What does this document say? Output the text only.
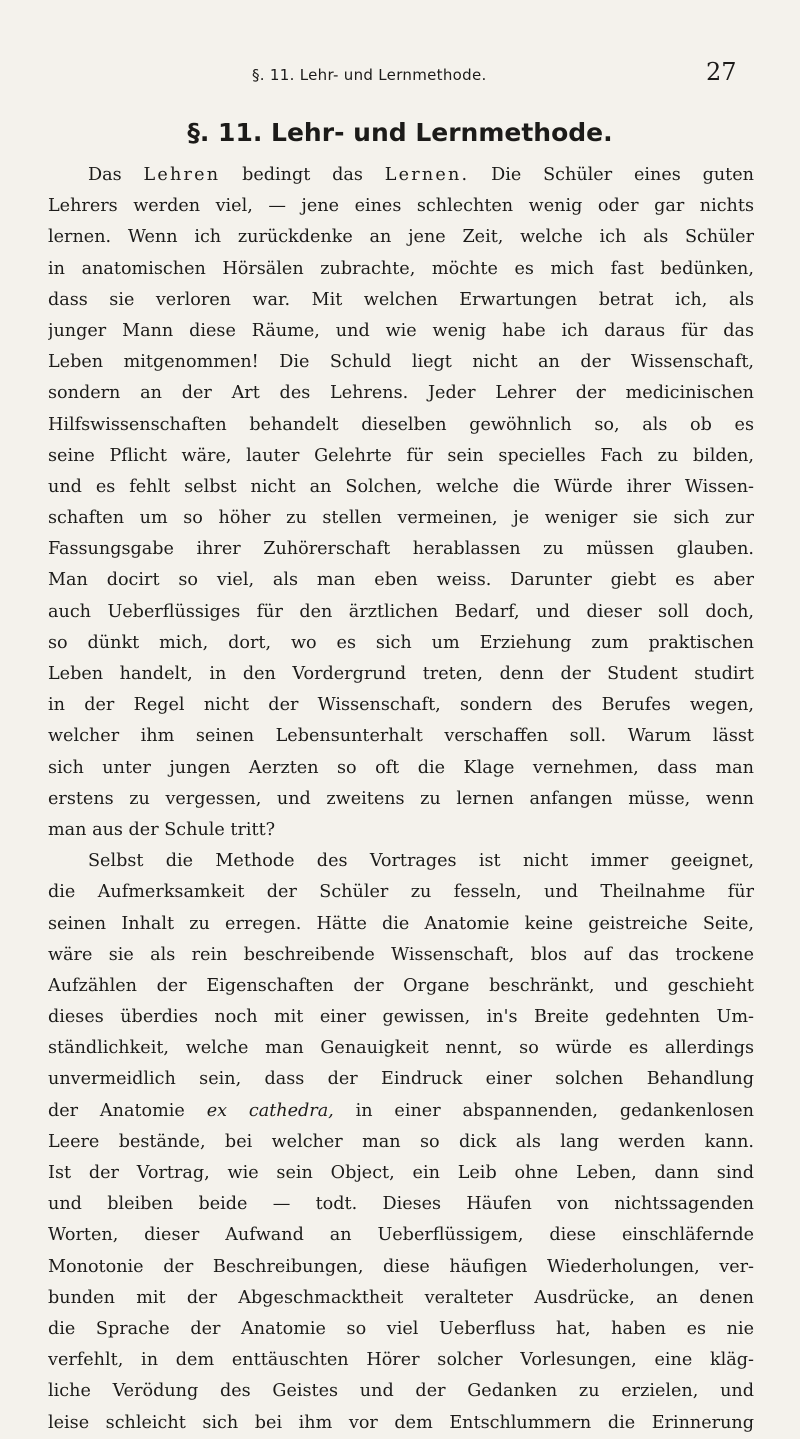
§. 11. Lehr- und Lernmethode.	27
§. 11. Lehr- und Lernmethode.
Das Lehren bedingt das Lernen. Die Schüler eines guten
Lehrers werden viel, — jene eines schlechten wenig oder gar nichts
lernen. Wenn ich zurückdenke an jene Zeit, welche ich als Schüler
in anatomischen Hörsälen zubrachte, möchte es mich fast bedünken,
dass sie verloren war. Mit welchen Erwartungen betrat ich, als
junger Mann diese Räume, und wie wenig habe ich daraus für das
Leben mitgenommen! Die Schuld liegt nicht an der Wissenschaft,
sondern an der Art des Lehrens. Jeder Lehrer der medicinischen
Hilfswissenschaften behandelt dieselben gewöhnlich so, als ob es
seine Pflicht wäre, lauter Gelehrte für sein specielles Fach zu bilden,
und es fehlt selbst nicht an Solchen, welche die Würde ihrer Wissen-
schaften um so höher zu stellen vermeinen, je weniger sie sich zur
Fassungsgabe ihrer Zuhörerschaft herablassen zu müssen glauben.
Man docirt so viel, als man eben weiss. Darunter giebt es aber
auch Ueberflüssiges für den ärztlichen Bedarf, und dieser soll doch,
so dünkt mich, dort, wo es sich um Erziehung zum praktischen
Leben handelt, in den Vordergrund treten, denn der Student studirt
in der Regel nicht der Wissenschaft, sondern des Berufes wegen,
welcher ihm seinen Lebensunterhalt verschaffen soll. Warum lässt
sich unter jungen Aerzten so oft die Klage vernehmen, dass man
erstens zu vergessen, und zweitens zu lernen anfangen müsse, wenn
man aus der Schule tritt?
Selbst die Methode des Vortrages ist nicht immer geeignet,
die Aufmerksamkeit der Schüler zu fesseln, und Theilnahme für
seinen Inhalt zu erregen. Hätte die Anatomie keine geistreiche Seite,
wäre sie als rein beschreibende Wissenschaft, blos auf das trockene
Aufzählen der Eigenschaften der Organe beschränkt, und geschieht
dieses überdies noch mit einer gewissen, in's Breite gedehnten Um-
ständlichkeit, welche man Genauigkeit nennt, so würde es allerdings
unvermeidlich sein, dass der Eindruck einer solchen Behandlung
der Anatomie ex cathedra, in einer abspannenden, gedankenlosen
Leere bestände, bei welcher man so dick als lang werden kann.
Ist der Vortrag, wie sein Object, ein Leib ohne Leben, dann sind
und bleiben beide — todt. Dieses Häufen von nichtssagenden
Worten, dieser Aufwand an Ueberflüssigem, diese einschläfernde
Monotonie der Beschreibungen, diese häufigen Wiederholungen, ver-
bunden mit der Abgeschmacktheit veralteter Ausdrücke, an denen
die Sprache der Anatomie so viel Ueberfluss hat, haben es nie
verfehlt, in dem enttäuschten Hörer solcher Vorlesungen, eine kläg-
liche Verödung des Geistes und der Gedanken zu erzielen, und
leise schleicht sich bei ihm vor dem Entschlummern die Erinnerung
